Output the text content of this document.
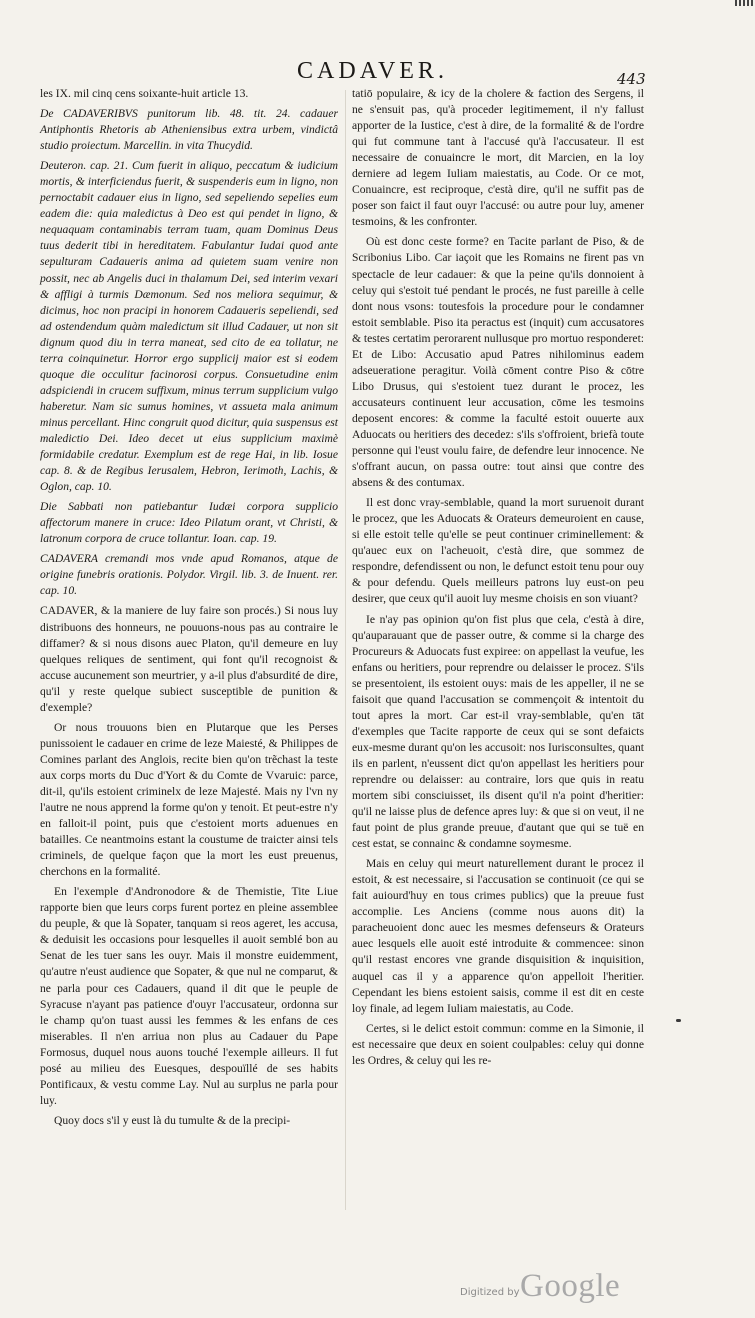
CADAVER.	443

les IX. mil cinq cens soixante-huit article 13.

De CADAVERIBVS punitorum lib. 48. tit. 24. cadauer Antiphontis Rhetoris ab Atheniensibus extra urbem, vindictâ studio proiectum. Marcellin. in vita Thucydid.

Deuteron. cap. 21. Cum fuerit in aliquo, peccatum & iudicium mortis, & interficiendus fuerit, & suspenderis eum in ligno, non pernoctabit cadauer eius in ligno, sed sepeliendo sepelies eum eadem die: quia maledictus à Deo est qui pendet in ligno, & nequaquam contaminabis terram tuam, quam Dominus Deus tuus dederit tibi in hereditatem. Fabulantur Iudai quod ante sepulturam Cadaueris anima ad quietem suam venire non possit, nec ab Angelis duci in thalamum Dei, sed interim vexari & affligi à turmis Dæmonum. Sed nos meliora sequimur, & dicimus, hoc non pracipi in honorem Cadaueris sepeliendi, sed ad ostendendum quàm maledictum sit illud Cadauer, ut non sit dignum quod diu in terra maneat, sed cito de ea tollatur, ne terra coinquinetur. Horror ergo supplicij maior est si eodem quoque die occulitur facinorosi corpus. Consuetudine enim adspiciendi in crucem suffixum, minus terrum supplicium vulgo haberetur. Nam sic sumus homines, vt assueta mala animum minus percellant. Hinc congruit quod dicitur, quia suspensus est maledictio Dei. Ideo decet ut eius supplicium maximè formidabile credatur. Exemplum est de rege Hai, in lib. Iosue cap. 8. & de Regibus Ierusalem, Hebron, Ierimoth, Lachis, & Oglon, cap. 10.

Die Sabbati non patiebantur Iudæi corpora supplicio affectorum manere in cruce: Ideo Pilatum orant, vt Christi, & latronum corpora de cruce tollantur. Ioan. cap. 19.

CADAVERA cremandi mos vnde apud Romanos, atque de origine funebris orationis. Polydor. Virgil. lib. 3. de Inuent. rer. cap. 10.

CADAVER, & la maniere de luy faire son procés.) Si nous luy distribuons des honneurs, ne pouuons-nous pas au contraire le diffamer? & si nous disons auec Platon, qu'il demeure en luy quelques reliques de sentiment, qui font qu'il recognoist & accuse aucunement son meurtrier, y a-il plus d'absurdité de dire, qu'il y reste quelque subiect susceptible de punition & d'exemple?

Or nous trouuons bien en Plutarque que les Perses punissoient le cadauer en crime de leze Maiesté, & Philippes de Comines parlant des Anglois, recite bien qu'on trẽchast la teste aux corps morts du Duc d'Yort & du Comte de Vvaruic: parce, dit-il, qu'ils estoient criminelx de leze Majesté. Mais ny l'vn ny l'autre ne nous apprend la forme qu'on y tenoit. Et peut-estre n'y en falloit-il point, puis que c'estoient morts aduenues en batailles. Ce neantmoins estant la coustume de traicter ainsi tels criminels, de quelque façon que la mort les eust preuenus, cherchons en la formalité.

En l'exemple d'Andronodore & de Themistie, Tite Liue rapporte bien que leurs corps furent portez en pleine assemblee du peuple, & que là Sopater, tanquam si reos ageret, les accusa, & deduisit les occasions pour lesquelles il auoit semblé bon au Senat de les tuer sans les ouyr. Mais il monstre euidemment, qu'autre n'eust audience que Sopater, & que nul ne comparut, & ne parla pour ces Cadauers, quand il dit que le peuple de Syracuse n'ayant pas patience d'ouyr l'accusateur, ordonna sur le champ qu'on tuast aussi les femmes & les enfans de ces miserables. Il n'en arriua non plus au Cadauer du Pape Formosus, duquel nous auons touché l'exemple ailleurs. Il fut posé au milieu des Euesques, despouïllé de ses habits Pontificaux, & vestu comme Lay. Nul au surplus ne parla pour luy.

Quoy docs s'il y eust là du tumulte & de la precipi-

tatiō populaire, & icy de la cholere & faction des Sergens, il ne s'ensuit pas, qu'à proceder legitimement, il n'y fallust apporter de la Iustice, c'est à dire, de la formalité & de l'ordre qui fut commune tant à l'accusé qu'à l'accusateur. Il est necessaire de conuaincre le mort, dit Marcien, en la loy derniere ad legem Iuliam maiestatis, au Code. Or ce mot, Conuaincre, est reciproque, c'està dire, qu'il ne suffit pas de poser son faict il faut ouyr l'accusé: ou autre pour luy, amener tesmoins, & les confronter.

Où est donc ceste forme? en Tacite parlant de Piso, & de Scribonius Libo. Car iaçoit que les Romains ne firent pas vn spectacle de leur cadauer: & que la peine qu'ils donnoient à celuy qui s'estoit tué pendant le procés, ne fust pareille à celle dont nous vsons: toutesfois la procedure pour le condamner estoit semblable. Piso ita peractus est (inquit) cum accusatores & testes certatim perorarent nullusque pro mortuo responderet: Et de Libo: Accusatio apud Patres nihilominus eadem adseueratione peragitur. Voilà cōment contre Piso & cōtre Libo Drusus, qui s'estoient tuez durant le procez, les accusateurs continuent leur accusation, cōme les tesmoins deposent encores: & comme la faculté estoit ouuerte aux Aduocats ou heritiers des decedez: s'ils s'offroient, briefà toute personne qui l'eust voulu faire, de defendre leur innocence. Ne s'offrant aucun, on passa outre: tout ainsi que contre des absens & des contumax.

Il est donc vray-semblable, quand la mort suruenoit durant le procez, que les Aduocats & Orateurs demeuroient en cause, si elle estoit telle qu'elle se peut continuer criminellement: & qu'auec eux on l'acheuoit, c'està dire, que sommez de respondre, defendissent ou non, le defunct estoit tenu pour ouy & pour defendu. Quels meilleurs patrons luy eust-on peu desirer, que ceux qu'il auoit luy mesme choisis en son viuant?

Ie n'ay pas opinion qu'on fist plus que cela, c'està à dire, qu'auparauant que de passer outre, & comme si la charge des Procureurs & Aduocats fust expiree: on appellast la veufue, les enfans ou heritiers, pour reprendre ou delaisser le procez. S'ils se presentoient, ils estoient ouys: mais de les appeller, il ne se faisoit que quand l'accusation se commençoit & intentoit du tout apres la mort. Car est-il vray-semblable, qu'en tāt d'exemples que Tacite rapporte de ceux qui se sont defaicts eux-mesme durant qu'on les accusoit: nos Iurisconsultes, quant ils en parlent, n'eussent dict qu'on appellast les heritiers pour reprendre ou delaisser: au contraire, lors que quis in reatu mortem sibi consciuisset, ils disent qu'il n'a point d'heritier: qu'il ne laisse plus de defence apres luy: & que si on veut, il ne faut point de plus grande preuue, d'autant que qui se tuë en cest estat, se connainc & condamne soymesme.

Mais en celuy qui meurt naturellement durant le procez il estoit, & est necessaire, si l'accusation se continuoit (ce qui se fait auiourd'huy en tous crimes publics) que la preuue fust accomplie. Les Anciens (comme nous auons dit) la paracheuoient donc auec les mesmes defenseurs & Orateurs auec lesquels elle auoit esté introduite & commencee: sinon qu'il restast encores vne grande disquisition & inquisition, auquel cas il y a apparence qu'on appelloit l'heritier. Cependant les biens estoient saisis, comme il est dit en ceste loy finale, ad legem Iuliam maiestatis, au Code.

Certes, si le delict estoit commun: comme en la Simonie, il est necessaire que deux en soient coulpables: celuy qui donne les Ordres, & celuy qui les re-

Digitized by Google
